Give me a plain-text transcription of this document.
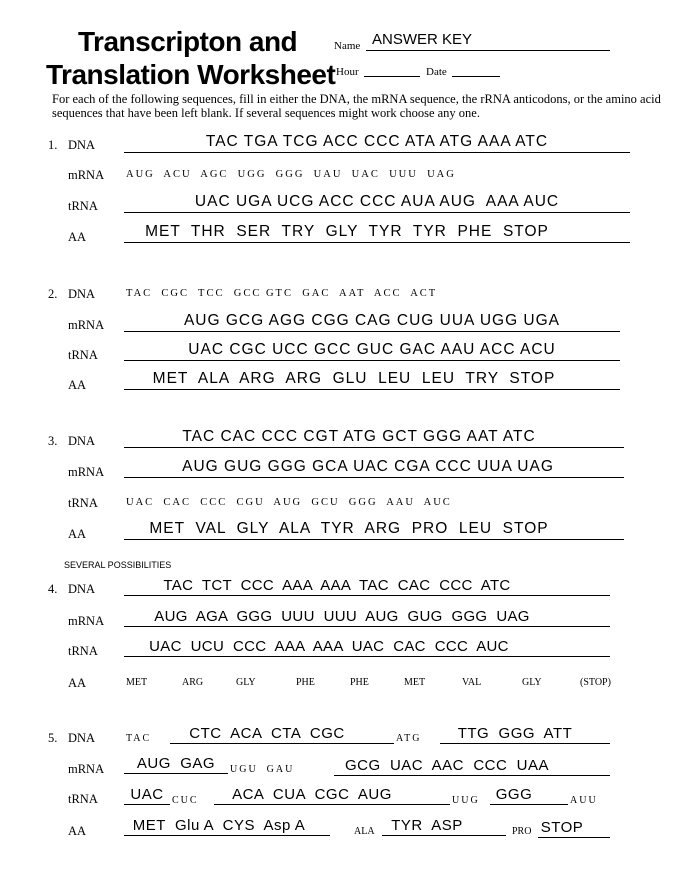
Transcripton and
Translation Worksheet
Name ANSWER KEY
Hour	Date
For each of the following sequences, fill in either the DNA, the mRNA sequence, the rRNA anticodons, or the amino acid sequences that have been left blank. If several sequences might work choose any one.
1. DNA	TAC TGA TCG ACC CCC ATA ATG AAA ATC
mRNA AUG  ACU  AGC  UGG  GGG  UAU  UAC  UUU  UAG
tRNA	UAC UGA UCG ACC CCC AUA AUG  AAA AUC
AA	MET  THR  SER  TRY  GLY  TYR  TYR  PHE  STOP
2. DNA	TAC  CGC  TCC  GCC GTC  GAC  AAT  ACC  ACT
mRNA	AUG GCG AGG CGG CAG CUG UUA UGG UGA
tRNA	UAC CGC UCC GCC GUC GAC AAU ACC ACU
AA	MET  ALA  ARG  ARG  GLU  LEU  LEU  TRY  STOP
3. DNA	TAC CAC CCC CGT ATG GCT GGG AAT ATC
mRNA	AUG GUG GGG GCA UAC CGA CCC UUA UAG
tRNA	UAC  CAC  CCC  CGU  AUG  GCU  GGG  AAU  AUC
AA	MET  VAL  GLY  ALA  TYR  ARG  PRO  LEU  STOP
SEVERAL POSSIBILITIES
4. DNA	TAC  TCT  CCC  AAA  AAA  TAC  CAC  CCC  ATC
mRNA	AUG  AGA  GGG  UUU  UUU  AUG  GUG  GGG  UAG
tRNA	UAC  UCU  CCC  AAA  AAA  UAC  CAC  CCC  AUC
AA	MET	ARG	GLY	PHE	PHE	MET	VAL	GLY	(STOP)
5. DNA	TAC	CTC  ACA  CTA  CGC	ATG	TTG  GGG  ATT
mRNA	AUG  GAG	UGU  GAU	GCG  UAC  AAC  CCC  UAA
tRNA	UAC CUC	ACA  CUA  CGC  AUG	UUG	GGG	AUU
AA	MET  Glu A  CYS  Asp A	ALA	TYR  ASP	PRO STOP
